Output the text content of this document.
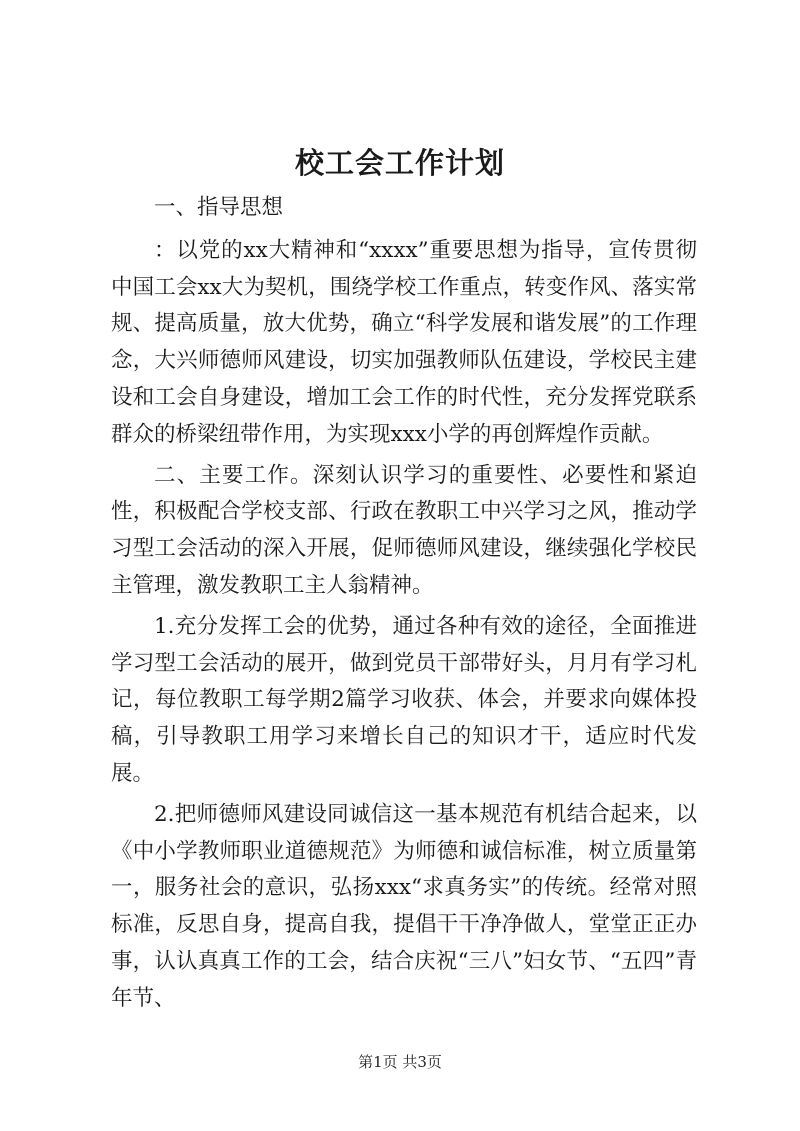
校工会工作计划

一、指导思想

：以党的xx大精神和“xxxx”重要思想为指导，宣传贯彻中国工会xx大为契机，围绕学校工作重点，转变作风、落实常规、提高质量，放大优势，确立“科学发展和谐发展”的工作理念，大兴师德师风建设，切实加强教师队伍建设，学校民主建设和工会自身建设，增加工会工作的时代性，充分发挥党联系群众的桥梁纽带作用，为实现xxx小学的再创辉煌作贡献。

二、主要工作。深刻认识学习的重要性、必要性和紧迫性，积极配合学校支部、行政在教职工中兴学习之风，推动学习型工会活动的深入开展，促师德师风建设，继续强化学校民主管理，激发教职工主人翁精神。

1.充分发挥工会的优势，通过各种有效的途径，全面推进学习型工会活动的展开，做到党员干部带好头，月月有学习札记，每位教职工每学期2篇学习收获、体会，并要求向媒体投稿，引导教职工用学习来增长自己的知识才干，适应时代发展。

2.把师德师风建设同诚信这一基本规范有机结合起来，以《中小学教师职业道德规范》为师德和诚信标准，树立质量第一，服务社会的意识，弘扬xxx“求真务实”的传统。经常对照标准，反思自身，提高自我，提倡干干净净做人，堂堂正正办事，认认真真工作的工会，结合庆祝“三八”妇女节、“五四”青年节、

第1页 共3页
